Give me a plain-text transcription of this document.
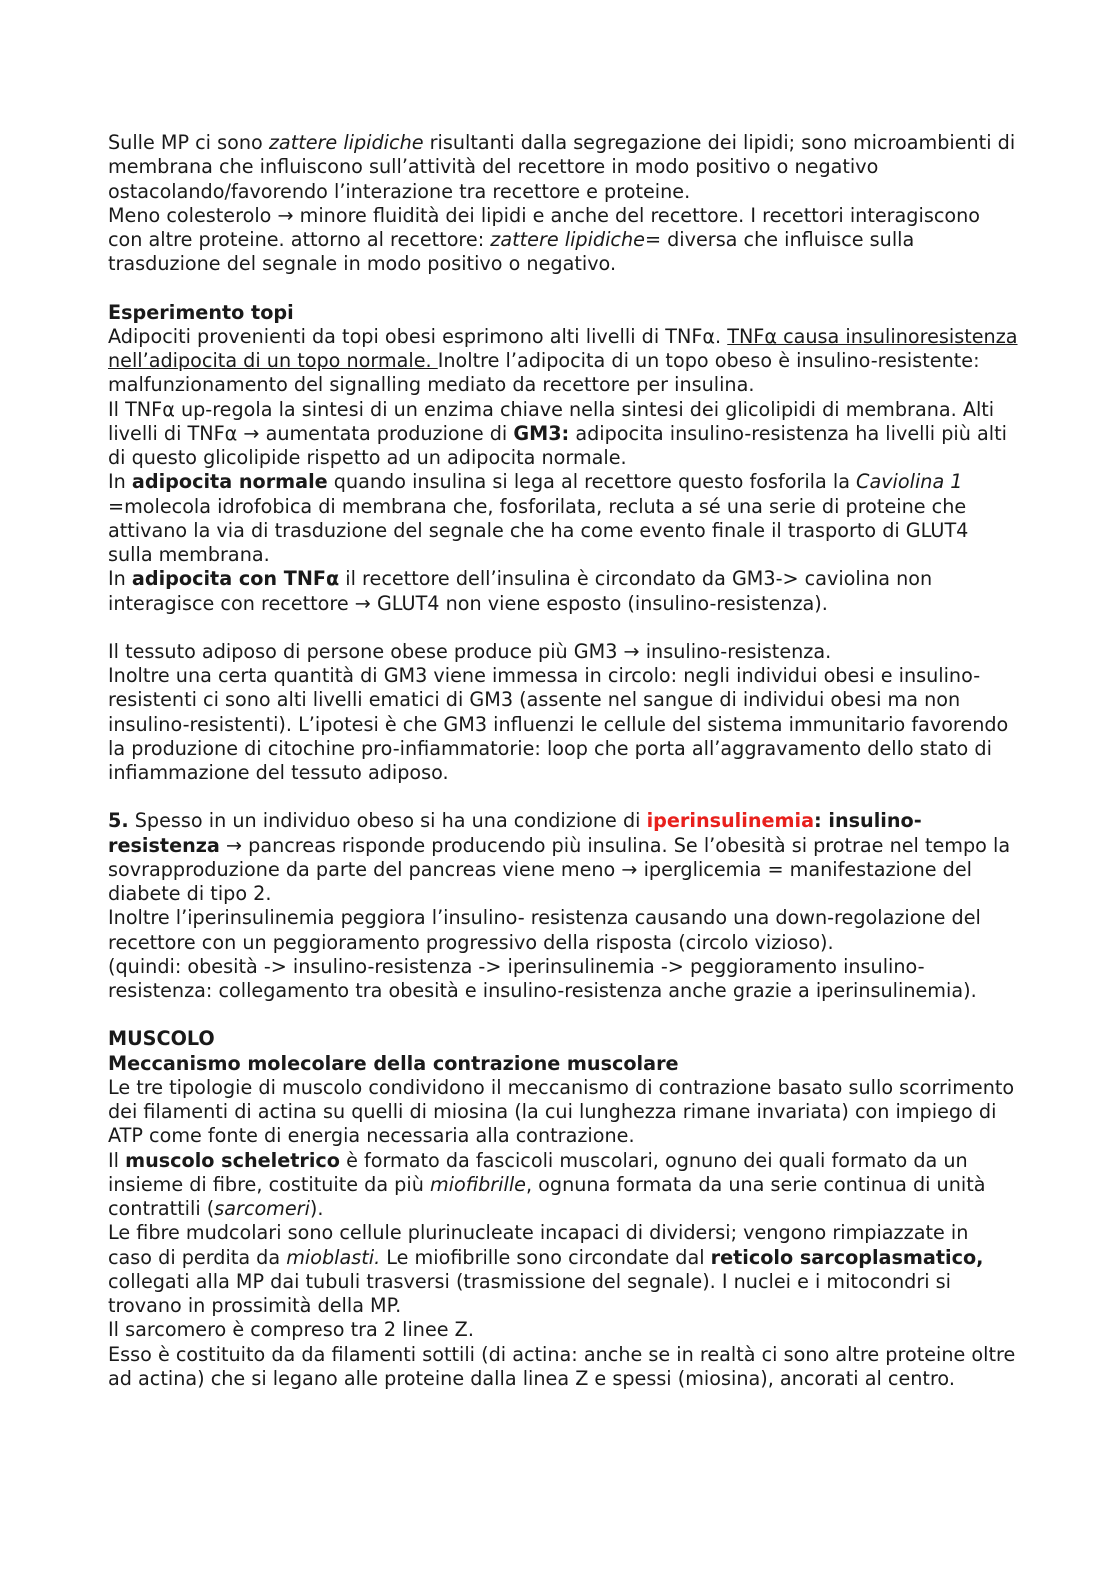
Sulle MP ci sono zattere lipidiche risultanti dalla segregazione dei lipidi; sono microambienti di membrana che influiscono sull’attività del recettore in modo positivo o negativo ostacolando/favorendo l’interazione tra recettore e proteine.

Meno colesterolo → minore fluidità dei lipidi e anche del recettore. I recettori interagiscono con altre proteine. attorno al recettore: zattere lipidiche= diversa che influisce sulla trasduzione del segnale in modo positivo o negativo.

Esperimento topi

Adipociti provenienti da topi obesi esprimono alti livelli di TNFα. TNFα causa insulinoresistenza nell’adipocita di un topo normale. Inoltre l’adipocita di un topo obeso è insulino-resistente: malfunzionamento del signalling mediato da recettore per insulina.

Il TNFα up-regola la sintesi di un enzima chiave nella sintesi dei glicolipidi di membrana. Alti livelli di TNFα → aumentata produzione di GM3: adipocita insulino-resistenza ha livelli più alti di questo glicolipide rispetto ad un adipocita normale.

In adipocita normale quando insulina si lega al recettore questo fosforila la Caviolina 1 =molecola idrofobica di membrana che, fosforilata, recluta a sé una serie di proteine che attivano la via di trasduzione del segnale che ha come evento finale il trasporto di GLUT4 sulla membrana.

In adipocita con TNFα il recettore dell’insulina è circondato da GM3-> caviolina non interagisce con recettore → GLUT4 non viene esposto (insulino-resistenza).

Il tessuto adiposo di persone obese produce più GM3 → insulino-resistenza.

Inoltre una certa quantità di GM3 viene immessa in circolo: negli individui obesi e insulino-resistenti ci sono alti livelli ematici di GM3 (assente nel sangue di individui obesi ma non insulino-resistenti). L’ipotesi è che GM3 influenzi le cellule del sistema immunitario favorendo la produzione di citochine pro-infiammatorie: loop che porta all’aggravamento dello stato di infiammazione del tessuto adiposo.

5. Spesso in un individuo obeso si ha una condizione di iperinsulinemia: insulino-resistenza → pancreas risponde producendo più insulina. Se l’obesità si protrae nel tempo la sovrapproduzione da parte del pancreas viene meno → iperglicemia = manifestazione del diabete di tipo 2.

Inoltre l’iperinsulinemia peggiora l’insulino- resistenza causando una down-regolazione del recettore con un peggioramento progressivo della risposta (circolo vizioso).

(quindi: obesità -> insulino-resistenza -> iperinsulinemia -> peggioramento insulino-resistenza: collegamento tra obesità e insulino-resistenza anche grazie a iperinsulinemia).

MUSCOLO

Meccanismo molecolare della contrazione muscolare

Le tre tipologie di muscolo condividono il meccanismo di contrazione basato sullo scorrimento dei filamenti di actina su quelli di miosina (la cui lunghezza rimane invariata) con impiego di ATP come fonte di energia necessaria alla contrazione.

Il muscolo scheletrico è formato da fascicoli muscolari, ognuno dei quali formato da un insieme di fibre, costituite da più miofibrille, ognuna formata da una serie continua di unità contrattili (sarcomeri).

Le fibre mudcolari sono cellule plurinucleate incapaci di dividersi; vengono rimpiazzate in caso di perdita da mioblasti. Le miofibrille sono circondate dal reticolo sarcoplasmatico, collegati alla MP dai tubuli trasversi (trasmissione del segnale). I nuclei e i mitocondri si trovano in prossimità della MP.

Il sarcomero è compreso tra 2 linee Z.

Esso è costituito da da filamenti sottili (di actina: anche se in realtà ci sono altre proteine oltre ad actina) che si legano alle proteine dalla linea Z e spessi (miosina), ancorati al centro.
